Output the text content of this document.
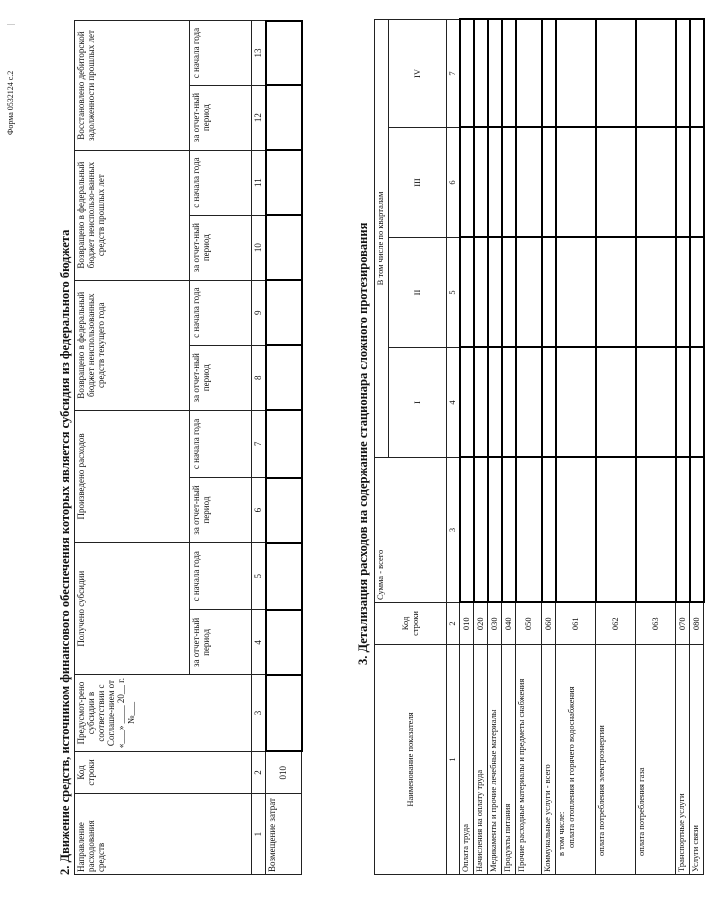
Форма 0532124 с.2
|
2. Движение средств, источником финансового обеспечения которых является субсидия из федерального бюджета Направление расходования средств	Код строки	Предусмот-рено субсидии в соответствии с Соглаше-нием от «___» ____ 20__ г. №___	Получено субсидии		Произведено расходов		Возвращено в федеральный бюджет неиспользованных средств текущего года		Возвращено в федеральный бюджет неиспользо-ванных средств прошлых лет		Восстановлено дебиторской задолженности прошлых лет	
			за отчет-ный период	с начала года	за отчет-ный период	с начала года	за отчет-ный период	с начала года	за отчет-ный период	с начала года	за отчет-ный период	с начала года
1	2	3	4	5	6	7	8	9	10	11	12	13
Возмещение затрат	010											
3. Детализация расходов на содержание стационара сложного протезирования
Наименование показателя	Код строки	Сумма - всего	В том числе по кварталам			
			I	II	III	IV
1	2	3	4	5	6	7
Оплата труда	010					
Начисления на оплату труда	020					
Медикаменты и прочие лечебные материалы	030					
Продукты питания	040					
Прочие расходные материалы и предметы снабжения	050					
Коммунальные услуги - всего	060					
в том числе:
оплата отопления и горячего водоснабжения	061					
оплата потребления электроэнергии	062					
оплата потребления газа	063					
Транспортные услуги	070					
Услуги связи	080					
